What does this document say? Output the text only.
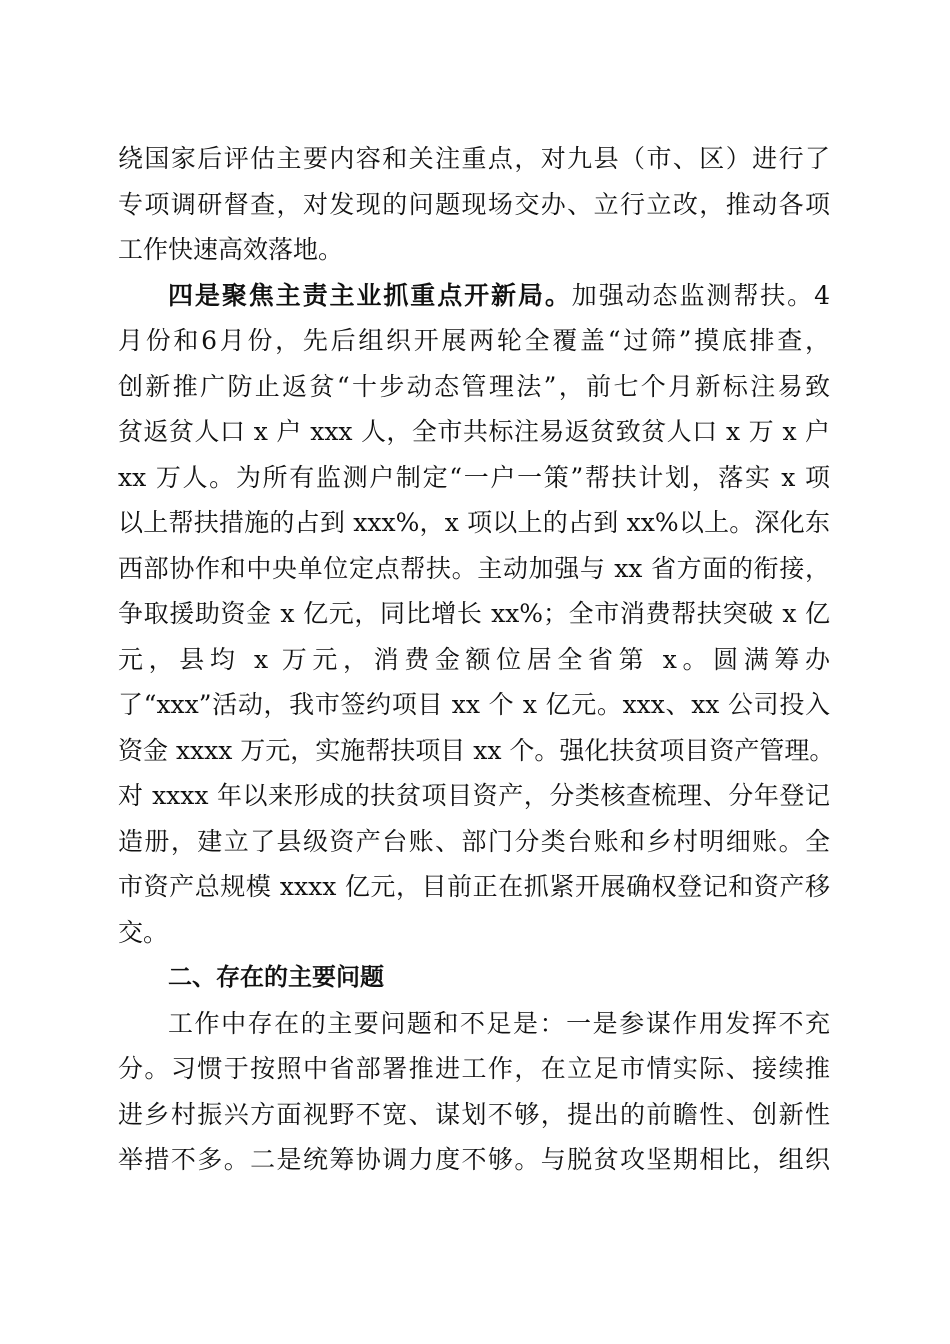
绕国家后评估主要内容和关注重点，对九县（市、区）进行了
专项调研督查，对发现的问题现场交办、立行立改，推动各项
工作快速高效落地。
四是聚焦主责主业抓重点开新局。加强动态监测帮扶。4
月份和6月份，先后组织开展两轮全覆盖“过筛”摸底排查，
创新推广防止返贫“十步动态管理法”，前七个月新标注易致
贫返贫人口 x 户 xxx 人，全市共标注易返贫致贫人口 x 万 x 户
xx 万人。为所有监测户制定“一户一策”帮扶计划，落实 x 项
以上帮扶措施的占到 xxx%，x 项以上的占到 xx%以上。深化东
西部协作和中央单位定点帮扶。主动加强与 xx 省方面的衔接，
争取援助资金 x 亿元，同比增长 xx%；全市消费帮扶突破 x 亿
元，县均 x 万元，消费金额位居全省第 x。圆满筹办
了“xxx”活动，我市签约项目 xx 个 x 亿元。xxx、xx 公司投入
资金 xxxx 万元，实施帮扶项目 xx 个。强化扶贫项目资产管理。
对 xxxx 年以来形成的扶贫项目资产，分类核查梳理、分年登记
造册，建立了县级资产台账、部门分类台账和乡村明细账。全
市资产总规模 xxxx 亿元，目前正在抓紧开展确权登记和资产移
交。
二、存在的主要问题
工作中存在的主要问题和不足是：一是参谋作用发挥不充
分。习惯于按照中省部署推进工作，在立足市情实际、接续推
进乡村振兴方面视野不宽、谋划不够，提出的前瞻性、创新性
举措不多。二是统筹协调力度不够。与脱贫攻坚期相比，组织
